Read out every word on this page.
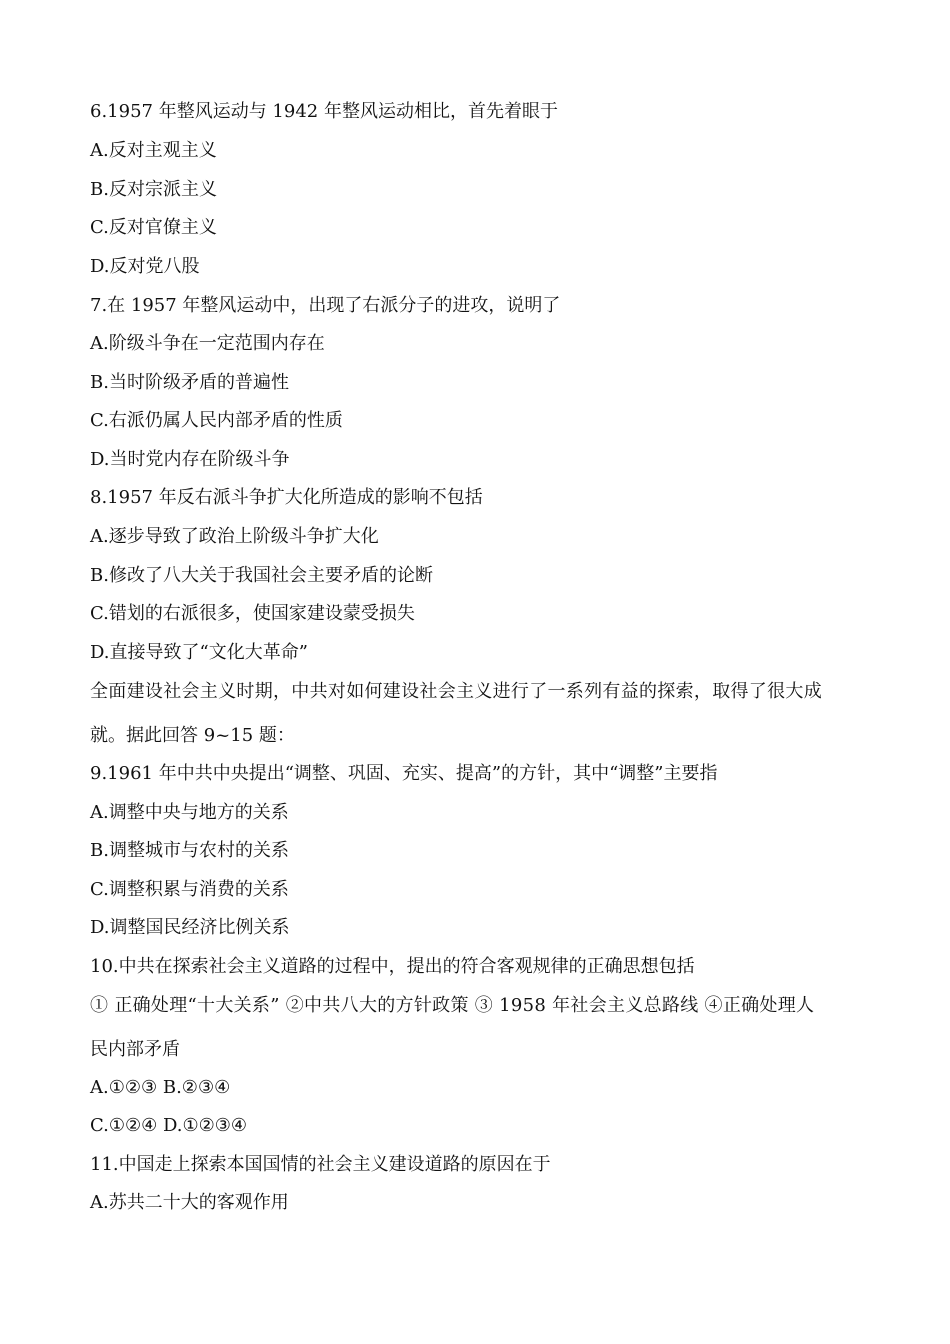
6.1957 年整风运动与 1942 年整风运动相比，首先着眼于
A.反对主观主义
B.反对宗派主义
C.反对官僚主义
D.反对党八股
7.在 1957 年整风运动中，出现了右派分子的进攻，说明了
A.阶级斗争在一定范围内存在
B.当时阶级矛盾的普遍性
C.右派仍属人民内部矛盾的性质
D.当时党内存在阶级斗争
8.1957 年反右派斗争扩大化所造成的影响不包括
A.逐步导致了政治上阶级斗争扩大化
B.修改了八大关于我国社会主要矛盾的论断
C.错划的右派很多，使国家建设蒙受损失
D.直接导致了“文化大革命”
全面建设社会主义时期，中共对如何建设社会主义进行了一系列有益的探索，取得了很大成
就。据此回答 9~15 题：
9.1961 年中共中央提出“调整、巩固、充实、提高”的方针，其中“调整”主要指
A.调整中央与地方的关系
B.调整城市与农村的关系
C.调整积累与消费的关系
D.调整国民经济比例关系
10.中共在探索社会主义道路的过程中，提出的符合客观规律的正确思想包括
① 正确处理“十大关系” ②中共八大的方针政策 ③ 1958 年社会主义总路线 ④正确处理人
民内部矛盾
A.①②③ B.②③④
C.①②④ D.①②③④
11.中国走上探索本国国情的社会主义建设道路的原因在于
A.苏共二十大的客观作用
